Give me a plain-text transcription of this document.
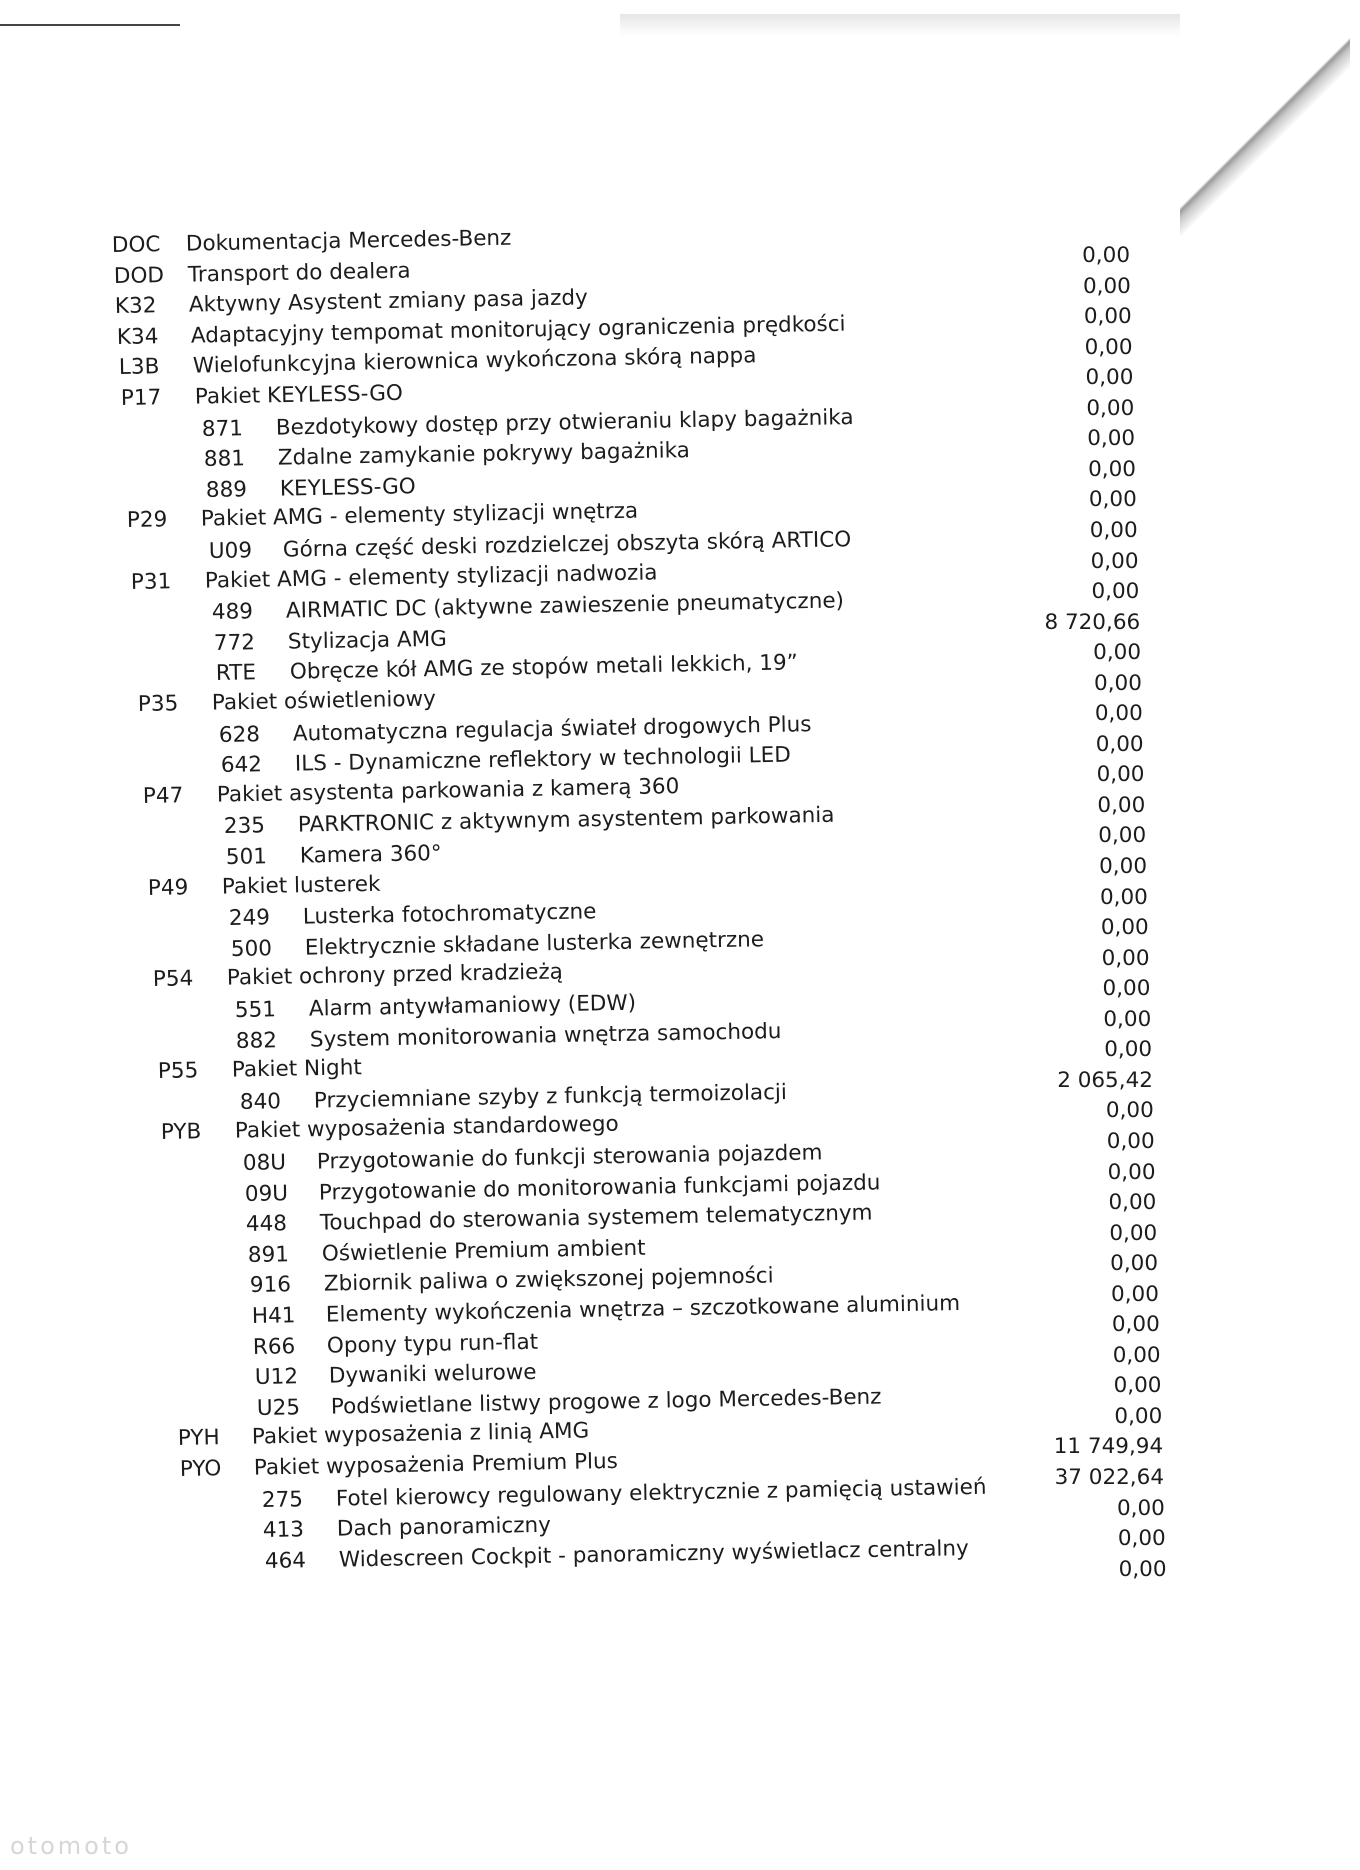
DOC Dokumentacja Mercedes-Benz
DOD Transport do dealera
K32 Aktywny Asystent zmiany pasa jazdy
K34 Adaptacyjny tempomat monitorujący ograniczenia prędkości
L3B Wielofunkcyjna kierownica wykończona skórą nappa
P17 Pakiet KEYLESS-GO
871 Bezdotykowy dostęp przy otwieraniu klapy bagażnika
881 Zdalne zamykanie pokrywy bagażnika
889 KEYLESS-GO
P29 Pakiet AMG - elementy stylizacji wnętrza
U09 Górna część deski rozdzielczej obszyta skórą ARTICO
P31 Pakiet AMG - elementy stylizacji nadwozia
489 AIRMATIC DC (aktywne zawieszenie pneumatyczne)
772 Stylizacja AMG
RTE Obręcze kół AMG ze stopów metali lekkich, 19”
P35 Pakiet oświetleniowy
628 Automatyczna regulacja świateł drogowych Plus
642 ILS - Dynamiczne reflektory w technologii LED
P47 Pakiet asystenta parkowania z kamerą 360
235 PARKTRONIC z aktywnym asystentem parkowania
501 Kamera 360°
P49 Pakiet lusterek
249 Lusterka fotochromatyczne
500 Elektrycznie składane lusterka zewnętrzne
P54 Pakiet ochrony przed kradzieżą
551 Alarm antywłamaniowy (EDW)
882 System monitorowania wnętrza samochodu
P55 Pakiet Night
840 Przyciemniane szyby z funkcją termoizolacji
PYB Pakiet wyposażenia standardowego
08U Przygotowanie do funkcji sterowania pojazdem
09U Przygotowanie do monitorowania funkcjami pojazdu
448 Touchpad do sterowania systemem telematycznym
891 Oświetlenie Premium ambient
916 Zbiornik paliwa o zwiększonej pojemności
H41 Elementy wykończenia wnętrza – szczotkowane aluminium
R66 Opony typu run-flat
U12 Dywaniki welurowe
U25 Podświetlane listwy progowe z logo Mercedes-Benz
PYH Pakiet wyposażenia z linią AMG
PYO Pakiet wyposażenia Premium Plus
275 Fotel kierowcy regulowany elektrycznie z pamięcią ustawień
413 Dach panoramiczny
464 Widescreen Cockpit - panoramiczny wyświetlacz centralny
0,00
0,00
0,00
0,00
0,00
0,00
0,00
0,00
0,00
0,00
0,00
0,00
8 720,66
0,00
0,00
0,00
0,00
0,00
0,00
0,00
0,00
0,00
0,00
0,00
0,00
0,00
0,00
2 065,42
0,00
0,00
0,00
0,00
0,00
0,00
0,00
0,00
0,00
0,00
0,00
11 749,94
37 022,64
0,00
0,00
0,00
otomoto
